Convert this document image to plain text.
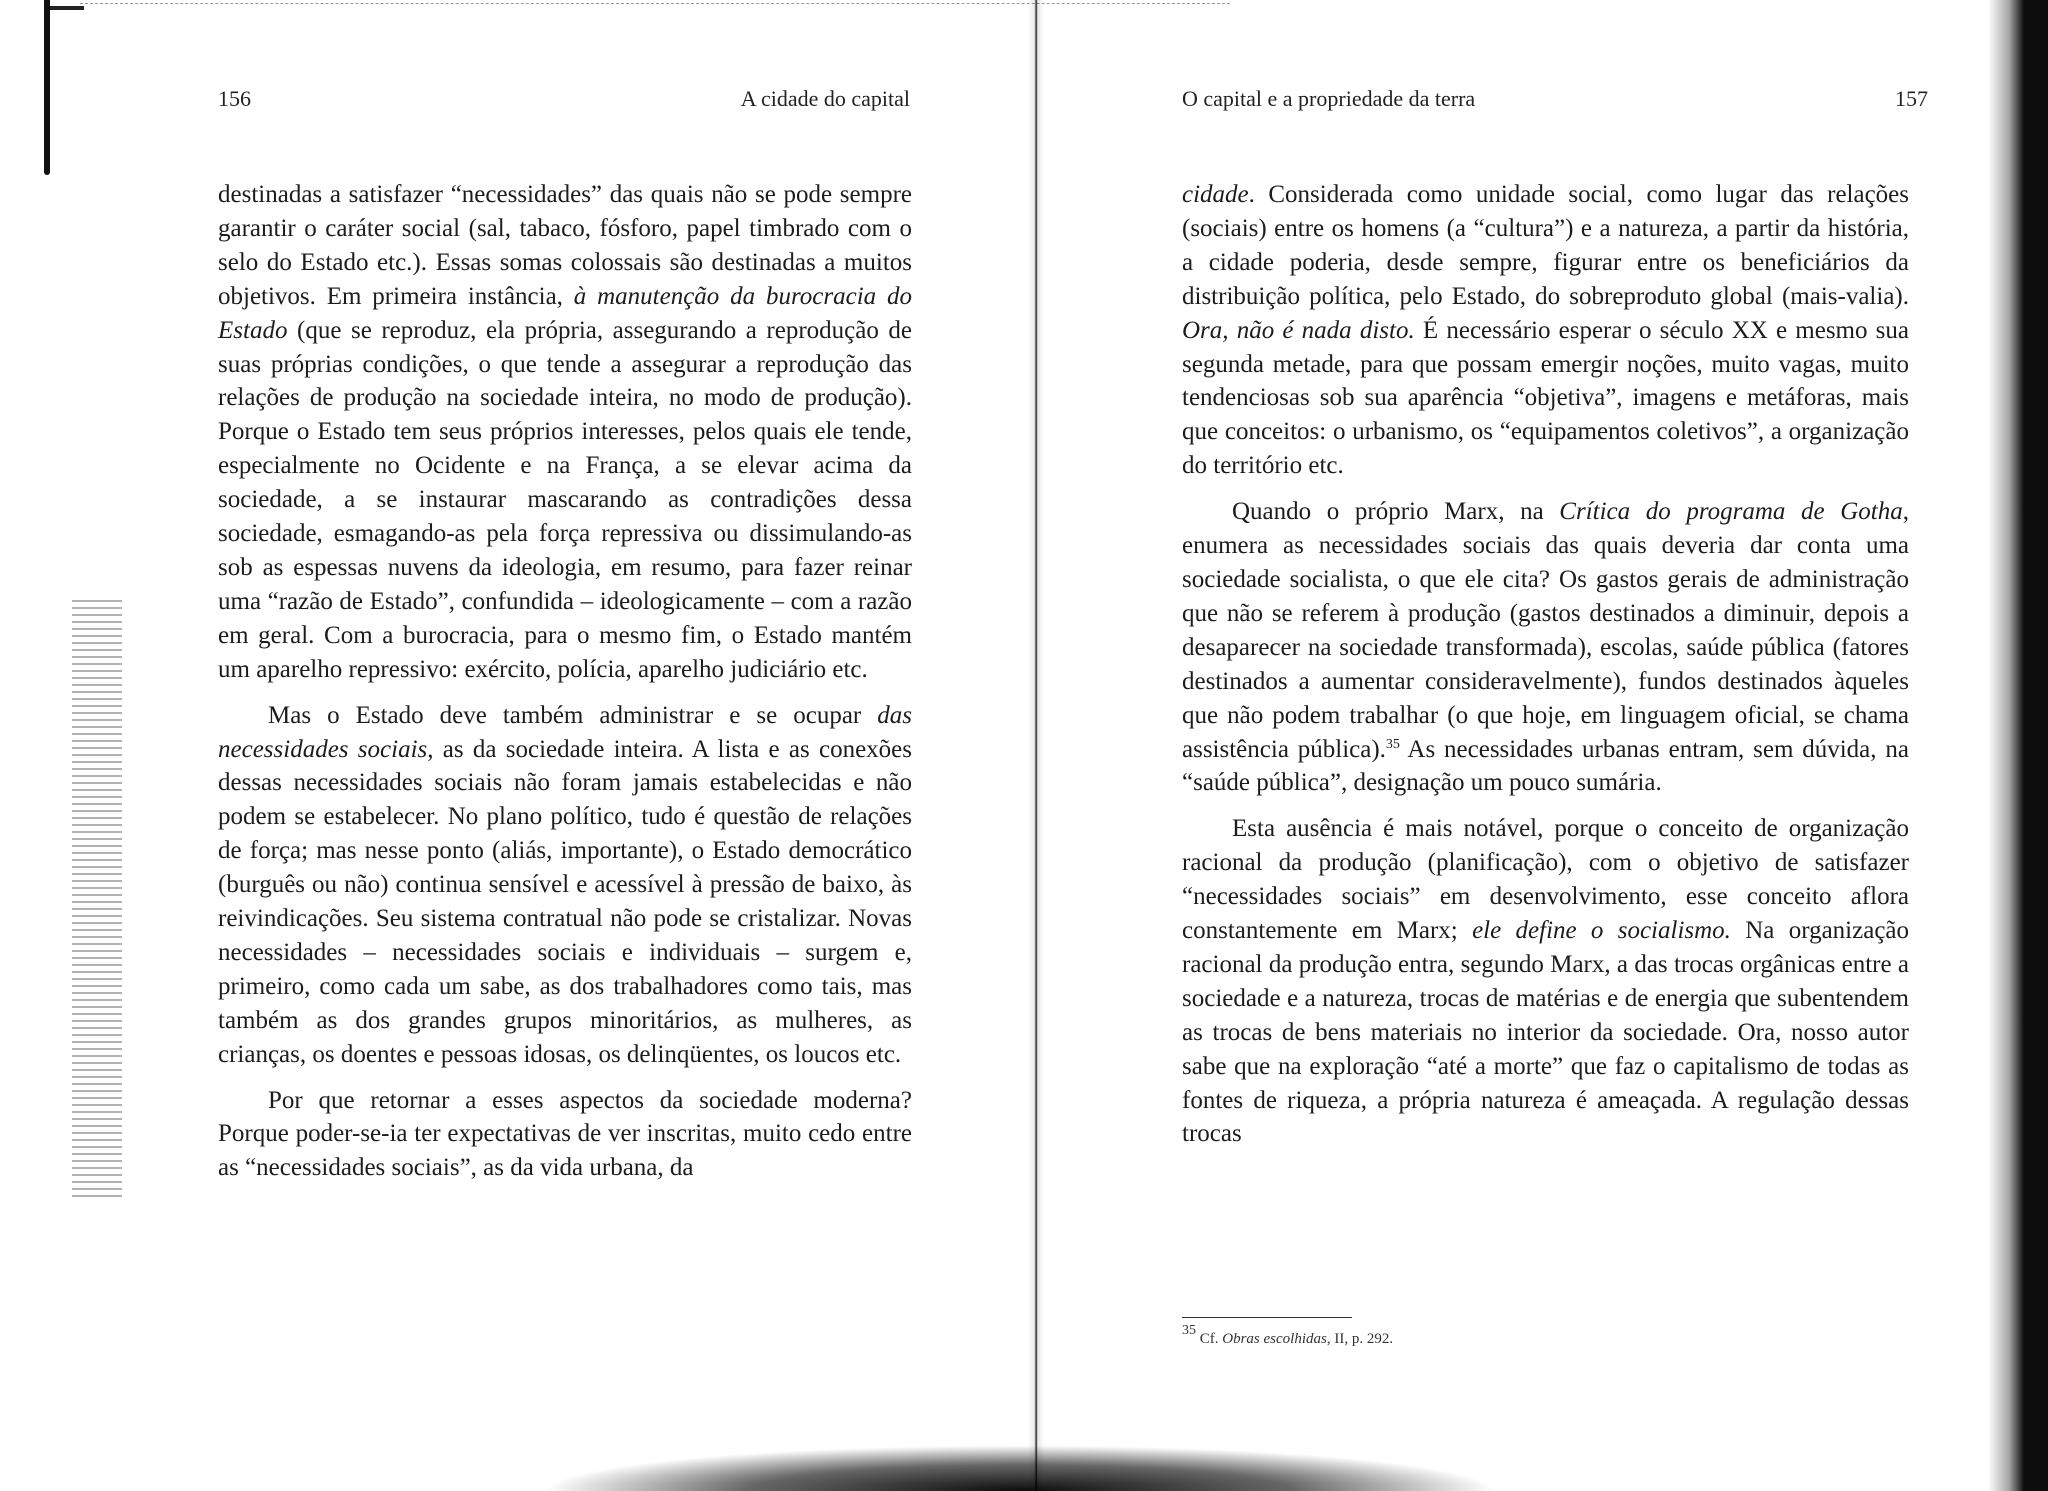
156	A cidade do capital

destinadas a satisfazer “necessidades” das quais não se pode sempre garantir o caráter social (sal, tabaco, fósforo, papel timbrado com o selo do Estado etc.). Essas somas colossais são destinadas a muitos objetivos. Em primeira instância, à manutenção da burocracia do Estado (que se reproduz, ela própria, assegurando a reprodução de suas próprias condições, o que tende a assegurar a reprodução das relações de produção na sociedade inteira, no modo de produção). Porque o Estado tem seus próprios interesses, pelos quais ele tende, especialmente no Ocidente e na França, a se elevar acima da sociedade, a se instaurar mascarando as contradições dessa sociedade, esmagando-as pela força repressiva ou dissimulando-as sob as espessas nuvens da ideologia, em resumo, para fazer reinar uma “razão de Estado”, confundida – ideologicamente – com a razão em geral. Com a burocracia, para o mesmo fim, o Estado mantém um aparelho repressivo: exército, polícia, aparelho judiciário etc.

Mas o Estado deve também administrar e se ocupar das necessidades sociais, as da sociedade inteira. A lista e as conexões dessas necessidades sociais não foram jamais estabelecidas e não podem se estabelecer. No plano político, tudo é questão de relações de força; mas nesse ponto (aliás, importante), o Estado democrático (burguês ou não) continua sensível e acessível à pressão de baixo, às reivindicações. Seu sistema contratual não pode se cristalizar. Novas necessidades – necessidades sociais e individuais – surgem e, primeiro, como cada um sabe, as dos trabalhadores como tais, mas também as dos grandes grupos minoritários, as mulheres, as crianças, os doentes e pessoas idosas, os delinqüentes, os loucos etc.

Por que retornar a esses aspectos da sociedade moderna? Porque poder-se-ia ter expectativas de ver inscritas, muito cedo entre as “necessidades sociais”, as da vida urbana, da

O capital e a propriedade da terra	157

cidade. Considerada como unidade social, como lugar das relações (sociais) entre os homens (a “cultura”) e a natureza, a partir da história, a cidade poderia, desde sempre, figurar entre os beneficiários da distribuição política, pelo Estado, do sobreproduto global (mais-valia). Ora, não é nada disto. É necessário esperar o século XX e mesmo sua segunda metade, para que possam emergir noções, muito vagas, muito tendenciosas sob sua aparência “objetiva”, imagens e metáforas, mais que conceitos: o urbanismo, os “equipamentos coletivos”, a organização do território etc.

Quando o próprio Marx, na Crítica do programa de Gotha, enumera as necessidades sociais das quais deveria dar conta uma sociedade socialista, o que ele cita? Os gastos gerais de administração que não se referem à produção (gastos destinados a diminuir, depois a desaparecer na sociedade transformada), escolas, saúde pública (fatores destinados a aumentar consideravelmente), fundos destinados àqueles que não podem trabalhar (o que hoje, em linguagem oficial, se chama assistência pública).$^{35}$ As necessidades urbanas entram, sem dúvida, na “saúde pública”, designação um pouco sumária.

Esta ausência é mais notável, porque o conceito de organização racional da produção (planificação), com o objetivo de satisfazer “necessidades sociais” em desenvolvimento, esse conceito aflora constantemente em Marx; ele define o socialismo. Na organização racional da produção entra, segundo Marx, a das trocas orgânicas entre a sociedade e a natureza, trocas de matérias e de energia que subentendem as trocas de bens materiais no interior da sociedade. Ora, nosso autor sabe que na exploração “até a morte” que faz o capitalismo de todas as fontes de riqueza, a própria natureza é ameaçada. A regulação dessas trocas

$^{35}$ Cf. Obras escolhidas, II, p. 292.
